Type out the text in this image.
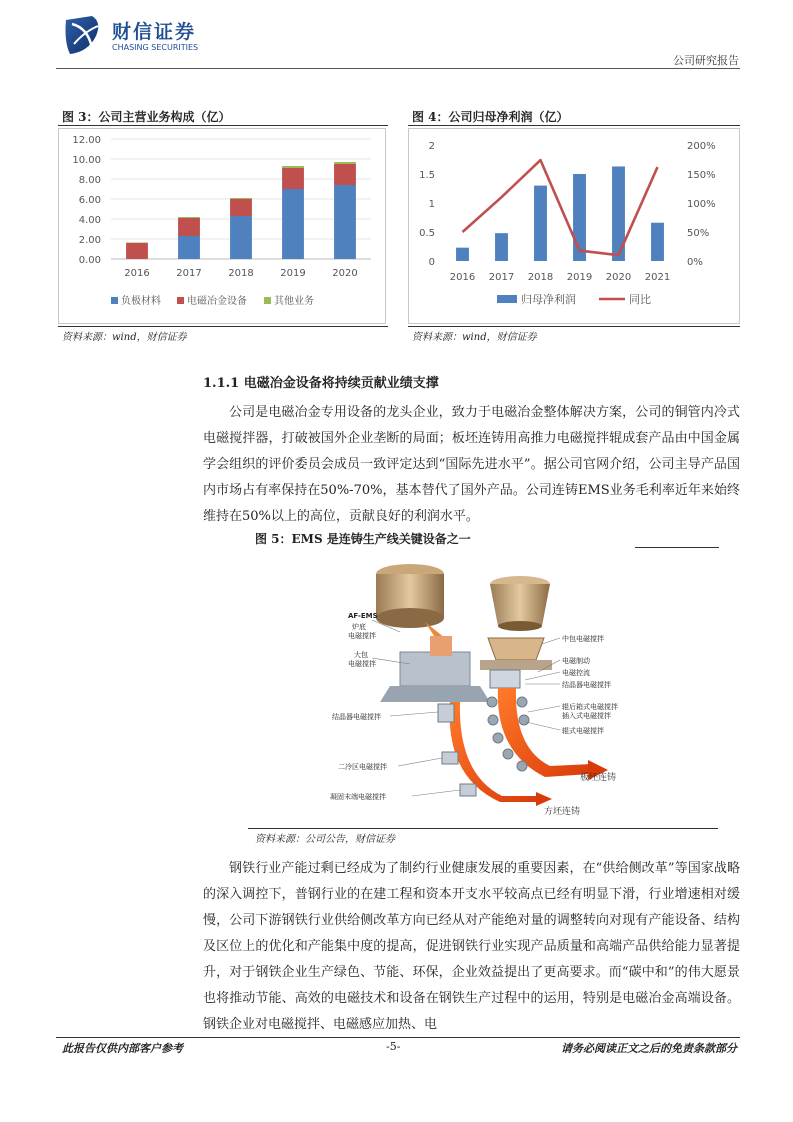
财信证券
CHASING SECURITIES
公司研究报告
图 3：公司主营业务构成（亿）
0.00
2.00
4.00
6.00
8.00
10.00
12.00
2016	2017	2018	2019	2020
负极材料	电磁冶金设备	其他业务
资料来源：wind，财信证券
图 4：公司归母净利润（亿）
0
0.5
1
1.5
2
0%
50%
100%
150%
200%
2016 2017 2018 2019 2020 2021
归母净利润	同比
资料来源：wind，财信证券
1.1.1 电磁冶金设备将持续贡献业绩支撑

公司是电磁冶金专用设备的龙头企业，致力于电磁冶金整体解决方案，公司的铜管内冷式电磁搅拌器，打破被国外企业垄断的局面；板坯连铸用高推力电磁搅拌辊成套产品由中国金属学会组织的评价委员会成员一致评定达到“国际先进水平”。据公司官网介绍，公司主导产品国内市场占有率保持在50%-70%，基本替代了国外产品。公司连铸EMS业务毛利率近年来始终维持在50%以上的高位，贡献良好的利润水平。

图 5：EMS 是连铸生产线关键设备之一
AF-EMS
炉底
电磁搅拌
大包
电磁搅拌
中包电磁搅拌
电磁制动
电磁控流
结晶器电磁搅拌
辊后箱式电磁搅拌
插入式电磁搅拌
辊式电磁搅拌
结晶器电磁搅拌
二冷区电磁搅拌
凝固末端电磁搅拌
板坯连铸
方坯连铸
资料来源：公司公告，财信证券

钢铁行业产能过剩已经成为了制约行业健康发展的重要因素，在“供给侧改革”等国家战略的深入调控下，普钢行业的在建工程和资本开支水平较高点已经有明显下滑，行业增速相对缓慢，公司下游钢铁行业供给侧改革方向已经从对产能绝对量的调整转向对现有产能设备、结构及区位上的优化和产能集中度的提高，促进钢铁行业实现产品质量和高端产品供给能力显著提升，对于钢铁企业生产绿色、节能、环保，企业效益提出了更高要求。而“碳中和”的伟大愿景也将推动节能、高效的电磁技术和设备在钢铁生产过程中的运用，特别是电磁冶金高端设备。钢铁企业对电磁搅拌、电磁感应加热、电

此报告仅供内部客户参考	-5-	请务必阅读正文之后的免责条款部分
